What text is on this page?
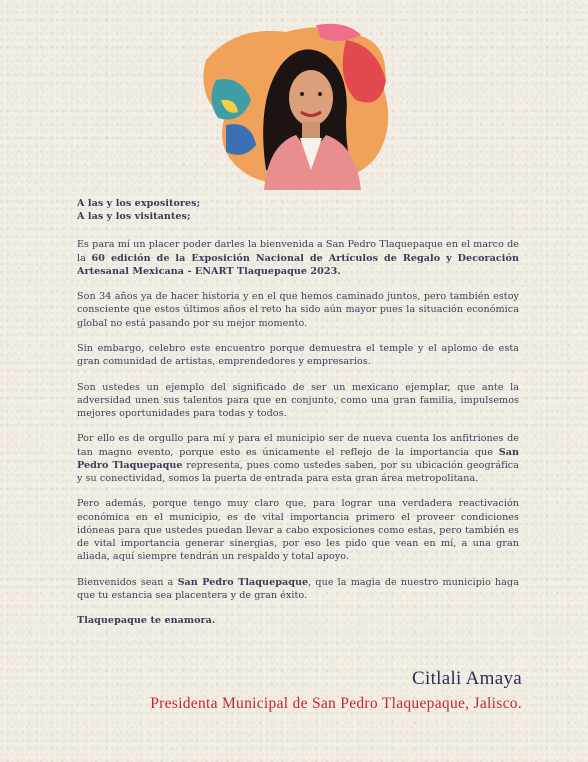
A las y los expositores;

A las y los visitantes;

Es para mí un placer poder darles la bienvenida a San Pedro Tlaquepaque en el marco de la 60 edición de la Exposición Nacional de Artículos de Regalo y Decoración Artesanal Mexicana - ENART Tlaquepaque 2023.

Son 34 años ya de hacer historia y en el que hemos caminado juntos, pero también estoy consciente que estos últimos años el reto ha sido aún mayor pues la situación económica global no está pasando por su mejor momento.

Sin embargo, celebro este encuentro porque demuestra el temple y el aplomo de esta gran comunidad de artistas, emprendedores y empresarios.

Son ustedes un ejemplo del significado de ser un mexicano ejemplar, que ante la adversidad unen sus talentos para que en conjunto, como una gran familia, impulsemos mejores oportunidades para todas y todos.

Por ello es de orgullo para mí y para el municipio ser de nueva cuenta los anfitriones de tan magno evento, porque esto es únicamente el reflejo de la importancia que San Pedro Tlaquepaque representa, pues como ustedes saben, por su ubicación geográfica y su conectividad, somos la puerta de entrada para esta gran área metropolitana.

Pero además, porque tengo muy claro que, para lograr una verdadera reactivación económica en el municipio, es de vital importancia primero el proveer condiciones idóneas para que ustedes puedan llevar a cabo exposiciones como estas, pero también es de vital importancia generar sinergias, por eso les pido que vean en mí, a una gran aliada, aquí siempre tendrán un respaldo y total apoyo.

Bienvenidos sean a San Pedro Tlaquepaque, que la magia de nuestro municipio haga que tu estancia sea placentera y de gran éxito.

Tlaquepaque te enamora.

Citlali Amaya
Presidenta Municipal de San Pedro Tlaquepaque, Jalisco.
